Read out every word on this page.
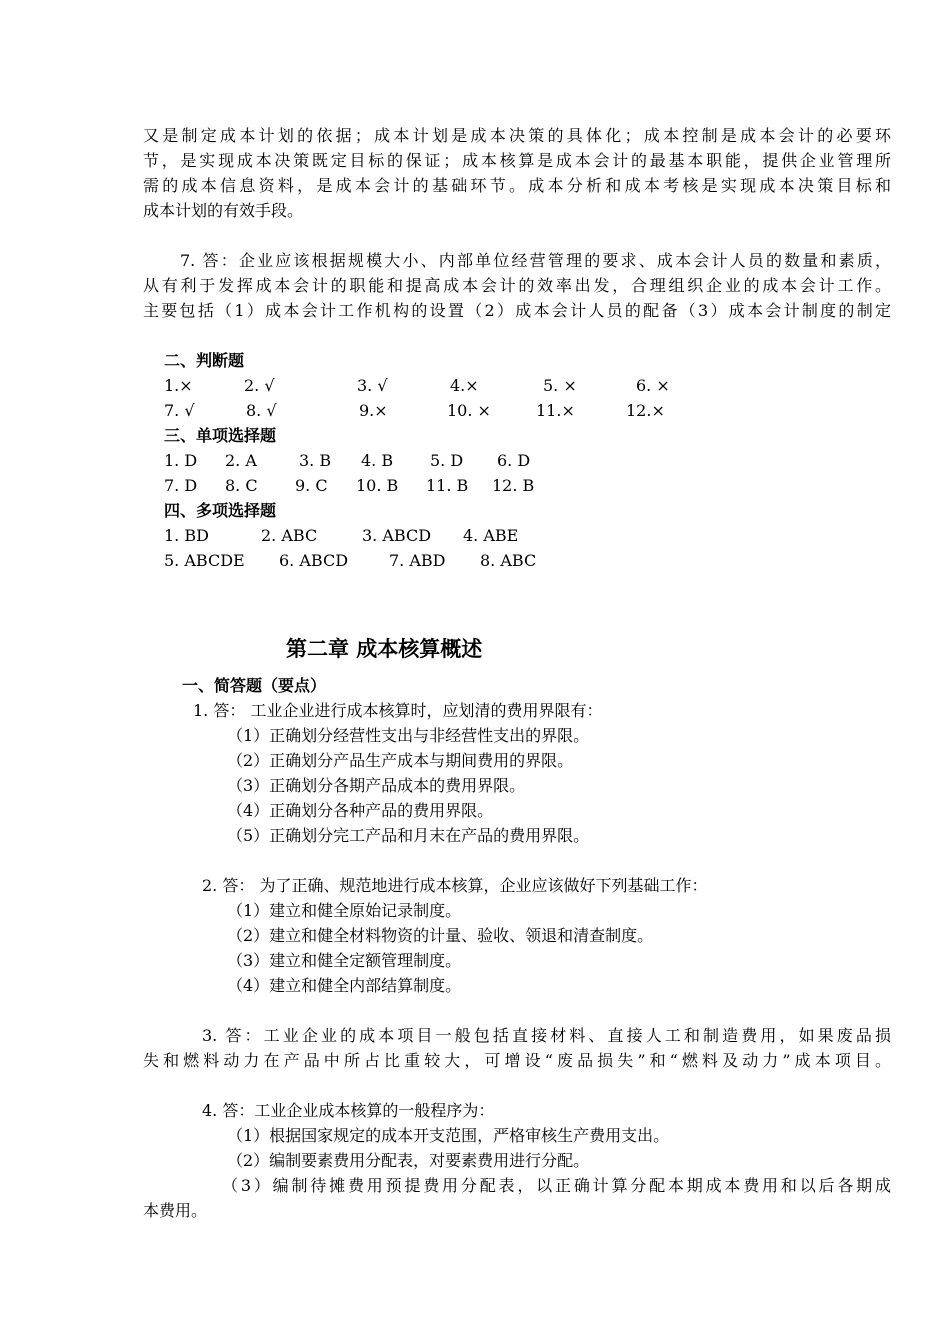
又是制定成本计划的依据；成本计划是成本决策的具体化；成本控制是成本会计的必要环
节，是实现成本决策既定目标的保证；成本核算是成本会计的最基本职能，提供企业管理所
需的成本信息资料，是成本会计的基础环节。成本分析和成本考核是实现成本决策目标和
成本计划的有效手段。
7. 答：企业应该根据规模大小、内部单位经营管理的要求、成本会计人员的数量和素质，
从有利于发挥成本会计的职能和提高成本会计的效率出发，合理组织企业的成本会计工作。
主要包括（1）成本会计工作机构的设置（2）成本会计人员的配备（3）成本会计制度的制定
二、判断题
1.×	2. √	3. √	4.×	5. ×	6. ×
7. √	8. √	9.×	10. ×	11.×	12.×
三、单项选择题
1. D 2. A	3. B 4. B 5. D 6. D
7. D 8. C 9. C 10. B 11. B 12. B
四、多项选择题
1. BD	2. ABC	3. ABCD 4. ABE
5. ABCDE 6. ABCD	7. ABD 8. ABC
第二章 成本核算概述
一、简答题（要点）
1. 答： 工业企业进行成本核算时，应划清的费用界限有：
（1）正确划分经营性支出与非经营性支出的界限。
（2）正确划分产品生产成本与期间费用的界限。
（3）正确划分各期产品成本的费用界限。
（4）正确划分各种产品的费用界限。
（5）正确划分完工产品和月末在产品的费用界限。
2. 答： 为了正确、规范地进行成本核算，企业应该做好下列基础工作：
（1）建立和健全原始记录制度。
（2）建立和健全材料物资的计量、验收、领退和清查制度。
（3）建立和健全定额管理制度。
（4）建立和健全内部结算制度。
3. 答：工业企业的成本项目一般包括直接材料、直接人工和制造费用，如果废品损
失和燃料动力在产品中所占比重较大，可增设“废品损失”和“燃料及动力”成本项目。
4. 答：工业企业成本核算的一般程序为：
（1）根据国家规定的成本开支范围，严格审核生产费用支出。
（2）编制要素费用分配表，对要素费用进行分配。
（3）编制待摊费用预提费用分配表，以正确计算分配本期成本费用和以后各期成
本费用。
